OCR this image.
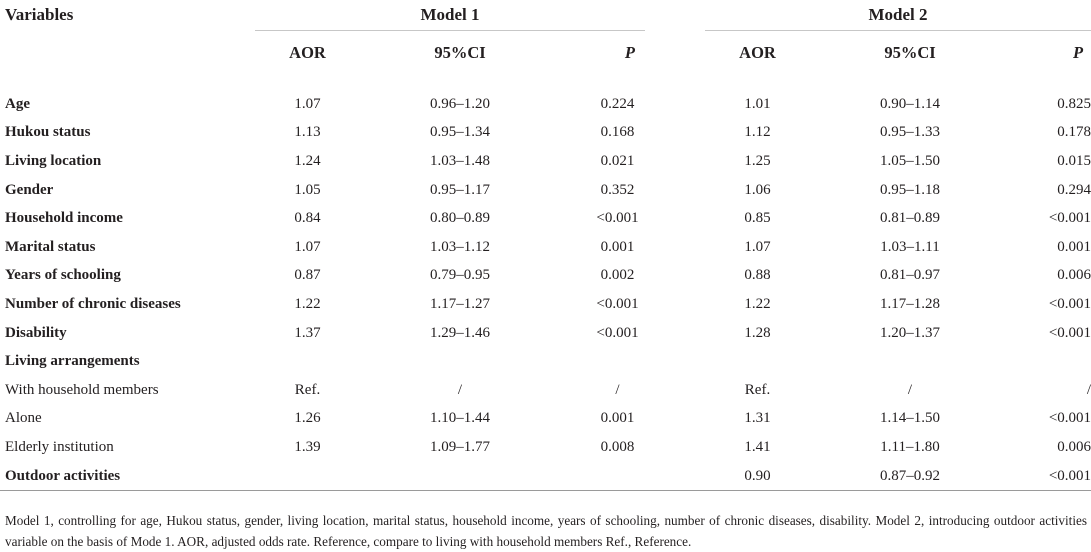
Variables	Model 1				Model 2		
	AOR	95%CI	P		AOR	95%CI	P

Age	1.07	0.96–1.20	0.224		1.01	0.90–1.14	0.825
Hukou status	1.13	0.95–1.34	0.168		1.12	0.95–1.33	0.178
Living location	1.24	1.03–1.48	0.021		1.25	1.05–1.50	0.015
Gender	1.05	0.95–1.17	0.352		1.06	0.95–1.18	0.294
Household income	0.84	0.80–0.89	<0.001		0.85	0.81–0.89	<0.001
Marital status	1.07	1.03–1.12	0.001		1.07	1.03–1.11	0.001
Years of schooling	0.87	0.79–0.95	0.002		0.88	0.81–0.97	0.006
Number of chronic diseases	1.22	1.17–1.27	<0.001		1.22	1.17–1.28	<0.001
Disability	1.37	1.29–1.46	<0.001		1.28	1.20–1.37	<0.001
Living arrangements							
With household members	Ref.	/	/		Ref.	/	/
Alone	1.26	1.10–1.44	0.001		1.31	1.14–1.50	<0.001
Elderly institution	1.39	1.09–1.77	0.008		1.41	1.11–1.80	0.006
Outdoor activities					0.90	0.87–0.92	<0.001

Model 1, controlling for age, Hukou status, gender, living location, marital status, household income, years of schooling, number of chronic diseases, disability. Model 2, introducing outdoor activities variable on the basis of Mode 1. AOR, adjusted odds rate. Reference, compare to living with household members Ref., Reference.
